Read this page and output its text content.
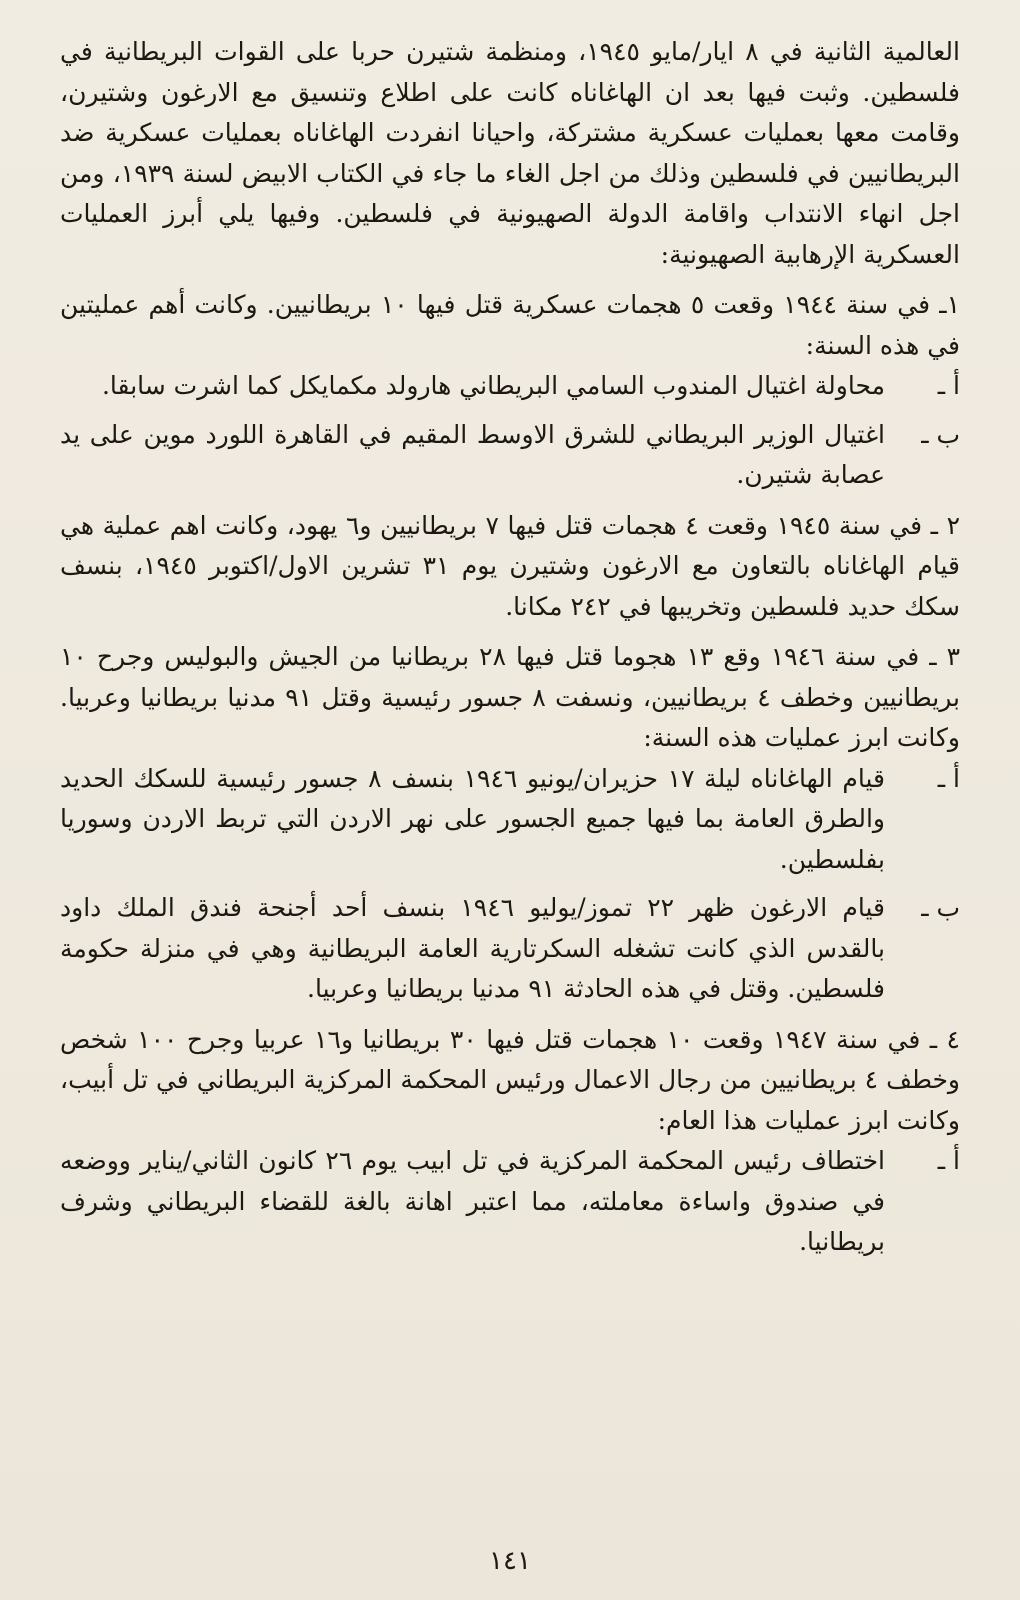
العالمية الثانية في ٨ ايار/مايو ١٩٤٥، ومنظمة شتيرن حربا على القوات البريطانية في فلسطين. وثبت فيها بعد ان الهاغاناه كانت على اطلاع وتنسيق مع الارغون وشتيرن، وقامت معها بعمليات عسكرية مشتركة، واحيانا انفردت الهاغاناه بعمليات عسكرية ضد البريطانيين في فلسطين وذلك من اجل الغاء ما جاء في الكتاب الابيض لسنة ١٩٣٩، ومن اجل انهاء الانتداب واقامة الدولة الصهيونية في فلسطين. وفيها يلي أبرز العمليات العسكرية الإرهابية الصهيونية:

١ـ في سنة ١٩٤٤ وقعت ٥ هجمات عسكرية قتل فيها ١٠ بريطانيين. وكانت أهم عمليتين في هذه السنة:

أ ـ
محاولة اغتيال المندوب السامي البريطاني هارولد مكمايكل كما اشرت سابقا.
ب ـ
اغتيال الوزير البريطاني للشرق الاوسط المقيم في القاهرة اللورد موين على يد عصابة شتيرن.

٢ ـ في سنة ١٩٤٥ وقعت ٤ هجمات قتل فيها ٧ بريطانيين و٦ يهود، وكانت اهم عملية هي قيام الهاغاناه بالتعاون مع الارغون وشتيرن يوم ٣١ تشرين الاول/اكتوبر ١٩٤٥، بنسف سكك حديد فلسطين وتخريبها في ٢٤٢ مكانا.

٣ ـ في سنة ١٩٤٦ وقع ١٣ هجوما قتل فيها ٢٨ بريطانيا من الجيش والبوليس وجرح ١٠ بريطانيين وخطف ٤ بريطانيين، ونسفت ٨ جسور رئيسية وقتل ٩١ مدنيا بريطانيا وعربيا. وكانت ابرز عمليات هذه السنة:

أ ـ
قيام الهاغاناه ليلة ١٧ حزيران/يونيو ١٩٤٦ بنسف ٨ جسور رئيسية للسكك الحديد والطرق العامة بما فيها جميع الجسور على نهر الاردن التي تربط الاردن وسوريا بفلسطين.
ب ـ
قيام الارغون ظهر ٢٢ تموز/يوليو ١٩٤٦ بنسف أحد أجنحة فندق الملك داود بالقدس الذي كانت تشغله السكرتارية العامة البريطانية وهي في منزلة حكومة فلسطين. وقتل في هذه الحادثة ٩١ مدنيا بريطانيا وعربيا.

٤ ـ في سنة ١٩٤٧ وقعت ١٠ هجمات قتل فيها ٣٠ بريطانيا و١٦ عربيا وجرح ١٠٠ شخص وخطف ٤ بريطانيين من رجال الاعمال ورئيس المحكمة المركزية البريطاني في تل أبيب، وكانت ابرز عمليات هذا العام:

أ ـ
اختطاف رئيس المحكمة المركزية في تل ابيب يوم ٢٦ كانون الثاني/يناير ووضعه في صندوق واساءة معاملته، مما اعتبر اهانة بالغة للقضاء البريطاني وشرف بريطانيا.
١٤١
